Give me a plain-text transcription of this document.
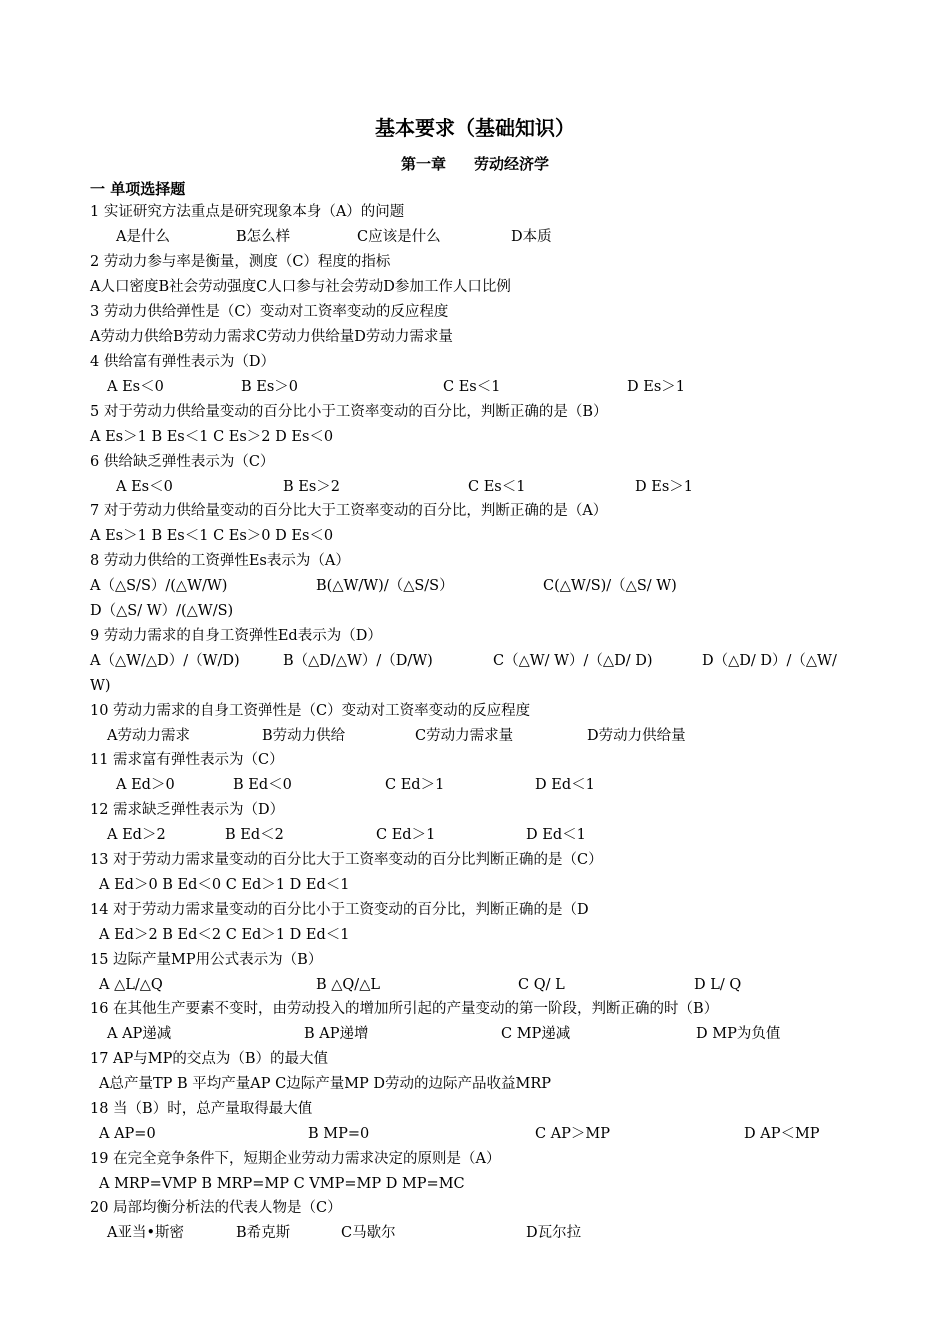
基本要求（基础知识）
第一章 劳动经济学
一 单项选择题
1 实证研究方法重点是研究现象本身（A）的问题
A是什么	B怎么样	C应该是什么	D本质
2 劳动力参与率是衡量，测度（C）程度的指标
A人口密度B社会劳动强度C人口参与社会劳动D参加工作人口比例
3 劳动力供给弹性是（C）变动对工资率变动的反应程度
A劳动力供给B劳动力需求C劳动力供给量D劳动力需求量
4 供给富有弹性表示为（D）
A Es＜0	B Es＞0	C Es＜1	D Es＞1
5 对于劳动力供给量变动的百分比小于工资率变动的百分比，判断正确的是（B）
A Es＞1 B Es＜1 C Es＞2 D Es＜0
6 供给缺乏弹性表示为（C）
A Es＜0	B Es＞2	C Es＜1	D Es＞1
7 对于劳动力供给量变动的百分比大于工资率变动的百分比，判断正确的是（A）
A Es＞1 B Es＜1 C Es＞0 D Es＜0
8 劳动力供给的工资弹性Es表示为（A）
A（△S/S）/(△W/W)	B(△W/W)/（△S/S）	C(△W/S)/（△S/ W)
D（△S/ W）/(△W/S)
9 劳动力需求的自身工资弹性Ed表示为（D）
A（△W/△D）/（W/D)	B（△D/△W）/（D/W)	C（△W/ W）/（△D/ D)	D（△D/ D）/（△W/
W)
10 劳动力需求的自身工资弹性是（C）变动对工资率变动的反应程度
A劳动力需求	B劳动力供给	C劳动力需求量	D劳动力供给量
11 需求富有弹性表示为（C）
A Ed＞0	B Ed＜0	C Ed＞1	D Ed＜1
12 需求缺乏弹性表示为（D）
A Ed＞2	B Ed＜2	C Ed＞1	D Ed＜1
13 对于劳动力需求量变动的百分比大于工资率变动的百分比判断正确的是（C）
A Ed＞0 B Ed＜0 C Ed＞1 D Ed＜1
14 对于劳动力需求量变动的百分比小于工资变动的百分比，判断正确的是（D
A Ed＞2 B Ed＜2 C Ed＞1 D Ed＜1
15 边际产量MP用公式表示为（B）
A △L/△Q	B △Q/△L	C Q/ L	D L/ Q
16 在其他生产要素不变时，由劳动投入的增加所引起的产量变动的第一阶段，判断正确的时（B）
A AP递减	B AP递增	C MP递减	D MP为负值
17 AP与MP的交点为（B）的最大值
A总产量TP B 平均产量AP C边际产量MP D劳动的边际产品收益MRP
18 当（B）时，总产量取得最大值
A AP=0	B MP=0	C AP＞MP	D AP＜MP
19 在完全竞争条件下，短期企业劳动力需求决定的原则是（A）
A MRP=VMP B MRP=MP C VMP=MP D MP=MC
20 局部均衡分析法的代表人物是（C）
A亚当•斯密	B希克斯	C马歇尔	D瓦尔拉
